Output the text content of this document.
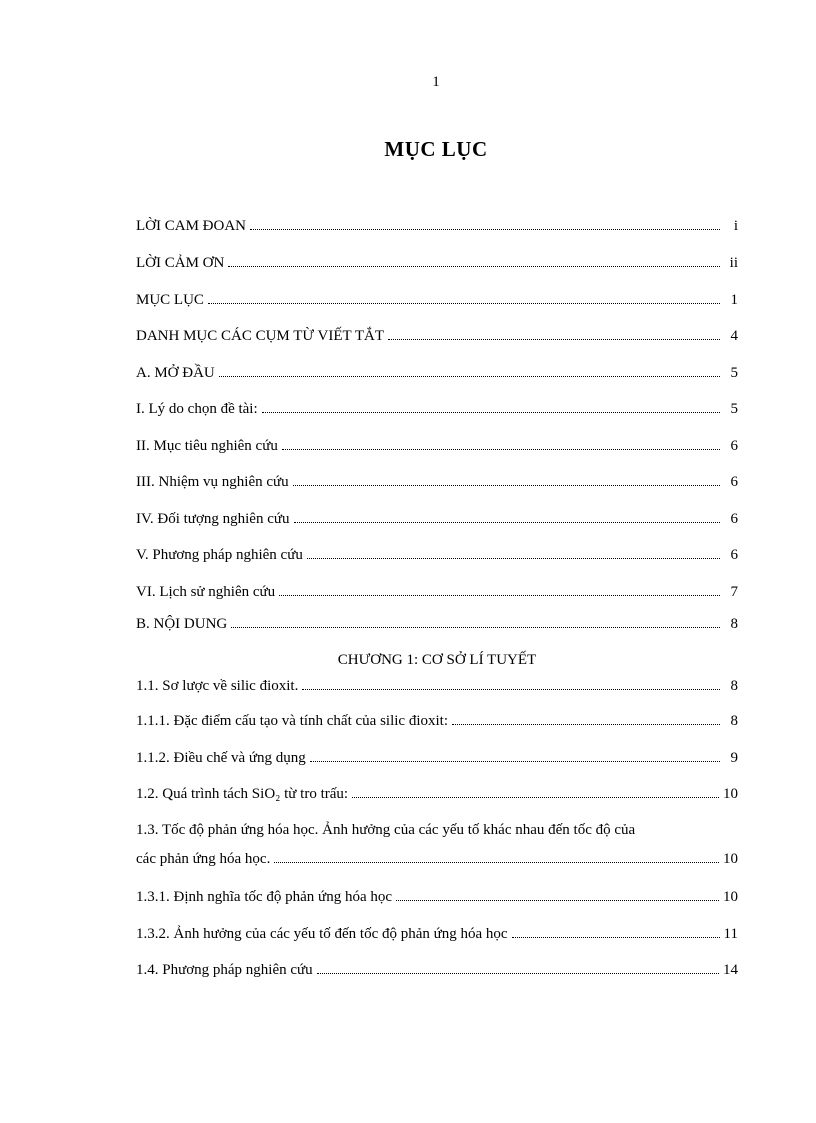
1
MỤC LỤC
LỜI CAM ĐOAN	i
LỜI CẢM ƠN	ii
MỤC LỤC	1
DANH MỤC CÁC CỤM TỪ VIẾT TẮT	4
A. MỞ ĐẦU	5
I. Lý do chọn đề tài:	5
II. Mục tiêu nghiên cứu	6
III. Nhiệm vụ nghiên cứu	6
IV. Đối tượng nghiên cứu	6
V. Phương pháp nghiên cứu	6
VI. Lịch sử nghiên cứu	7
B. NỘI DUNG	8
CHƯƠNG 1: CƠ SỞ LÍ TUYẾT
1.1. Sơ lược về silic đioxit.	8
1.1.1. Đặc điểm cấu tạo và tính chất của silic đioxit:	8
1.1.2. Điều chế và ứng dụng	9
1.2. Quá trình tách SiO₂ từ tro trấu:	10
1.3. Tốc độ phản ứng hóa học. Ảnh hưởng của các yếu tố khác nhau đến tốc độ của
các phản ứng hóa học.	10
1.3.1. Định nghĩa tốc độ phản ứng hóa học	10
1.3.2. Ảnh hưởng của các yếu tố đến tốc độ phản ứng hóa học	11
1.4. Phương pháp nghiên cứu	14
